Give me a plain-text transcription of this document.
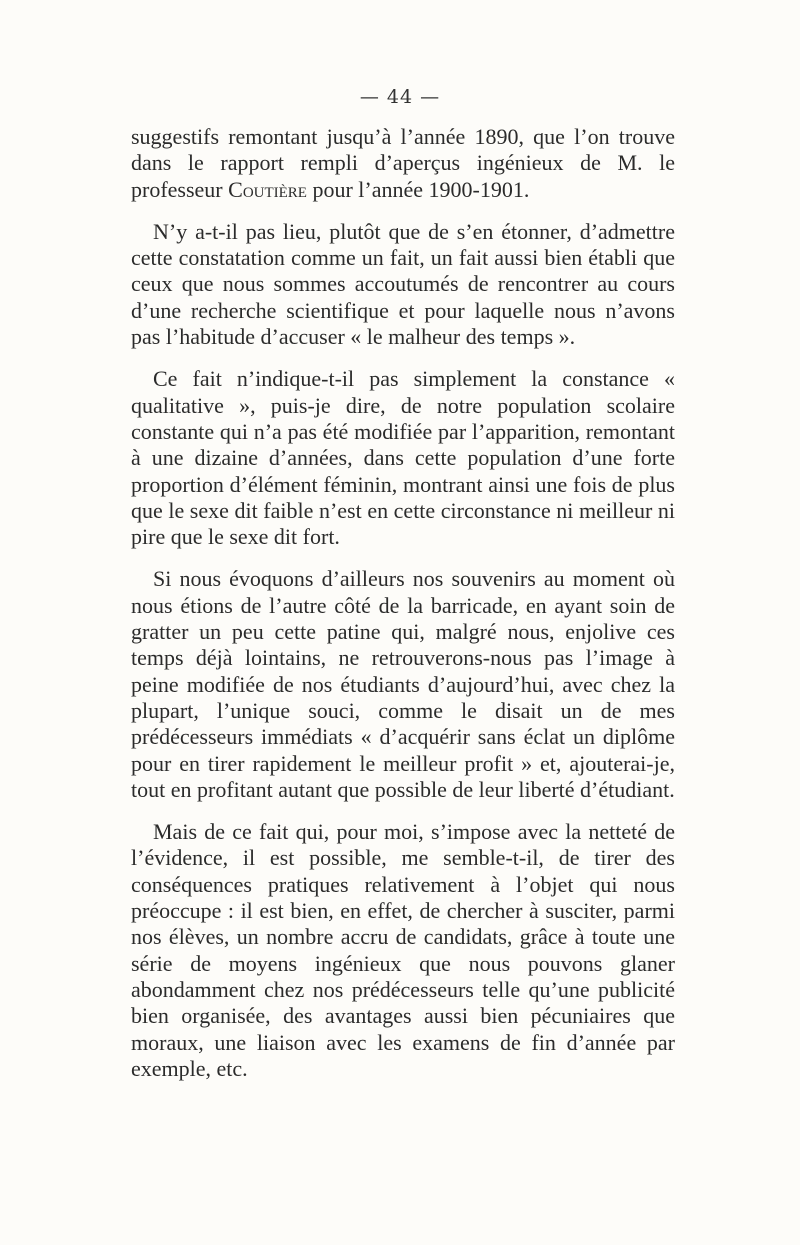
— 44 —

suggestifs remontant jusqu’à l’année 1890, que l’on trouve dans le rapport rempli d’aperçus ingénieux de M. le professeur Coutière pour l’année 1900-1901.

N’y a-t-il pas lieu, plutôt que de s’en étonner, d’admettre cette constatation comme un fait, un fait aussi bien établi que ceux que nous sommes accoutumés de rencontrer au cours d’une recherche scientifique et pour laquelle nous n’avons pas l’habitude d’accuser « le malheur des temps ».

Ce fait n’indique-t-il pas simplement la constance « qualitative », puis-je dire, de notre population scolaire constante qui n’a pas été modifiée par l’apparition, remontant à une dizaine d’années, dans cette population d’une forte proportion d’élément féminin, montrant ainsi une fois de plus que le sexe dit faible n’est en cette circonstance ni meilleur ni pire que le sexe dit fort.

Si nous évoquons d’ailleurs nos souvenirs au moment où nous étions de l’autre côté de la barricade, en ayant soin de gratter un peu cette patine qui, malgré nous, enjolive ces temps déjà lointains, ne retrouverons-nous pas l’image à peine modifiée de nos étudiants d’aujourd’hui, avec chez la plupart, l’unique souci, comme le disait un de mes prédécesseurs immédiats « d’acquérir sans éclat un diplôme pour en tirer rapidement le meilleur profit » et, ajouterai-je, tout en profitant autant que possible de leur liberté d’étudiant.

Mais de ce fait qui, pour moi, s’impose avec la netteté de l’évidence, il est possible, me semble-t-il, de tirer des conséquences pratiques relativement à l’objet qui nous préoccupe : il est bien, en effet, de chercher à susciter, parmi nos élèves, un nombre accru de candidats, grâce à toute une série de moyens ingénieux que nous pouvons glaner abondamment chez nos prédécesseurs telle qu’une publicité bien organisée, des avantages aussi bien pécuniaires que moraux, une liaison avec les examens de fin d’année par exemple, etc.
